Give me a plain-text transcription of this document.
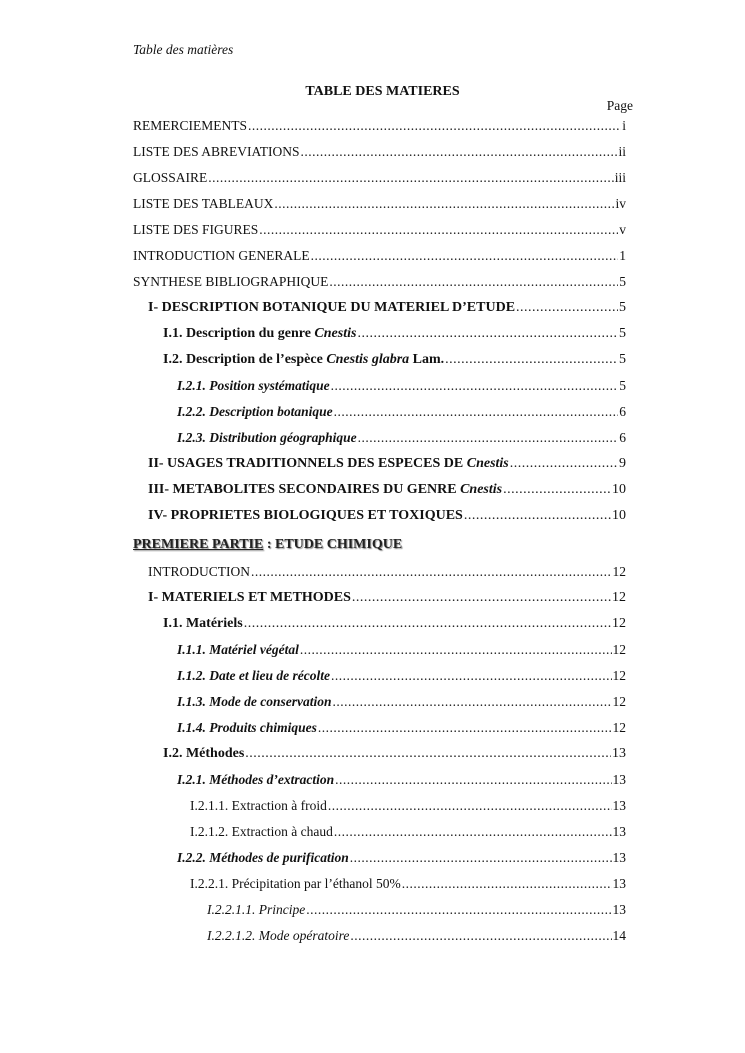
Table des matières
TABLE DES MATIERES
Page
PREMIERE PARTIE : ETUDE CHIMIQUE
REMERCIEMENTS .....	i
LISTE DES ABREVIATIONS .....	ii
GLOSSAIRE .....	iii
LISTE DES TABLEAUX .....	iv
LISTE DES FIGURES .....	v
INTRODUCTION GENERALE .....	1
SYNTHESE BIBLIOGRAPHIQUE .....	5
I- DESCRIPTION BOTANIQUE DU MATERIEL D’ETUDE .....	5
I.1. Description du genre Cnestis .....	5
I.2. Description de l’espèce Cnestis glabra Lam. .....	5
I.2.1. Position systématique .....	5
I.2.2. Description botanique .....	6
I.2.3. Distribution géographique .....	6
II- USAGES TRADITIONNELS DES ESPECES DE Cnestis .....	9
III- METABOLITES SECONDAIRES DU GENRE Cnestis .....	10
IV- PROPRIETES BIOLOGIQUES ET TOXIQUES .....	10
INTRODUCTION .....	12
I- MATERIELS ET METHODES .....	12
I.1. Matériels .....	12
I.1.1. Matériel végétal .....	12
I.1.2. Date et lieu de récolte .....	12
I.1.3. Mode de conservation .....	12
I.1.4. Produits chimiques .....	12
I.2. Méthodes .....	13
I.2.1. Méthodes d’extraction .....	13
I.2.1.1. Extraction à froid .....	13
I.2.1.2. Extraction à chaud .....	13
I.2.2. Méthodes de purification .....	13
I.2.2.1. Précipitation par l’éthanol 50% .....	13
I.2.2.1.1. Principe .....	13
I.2.2.1.2. Mode opératoire .....	14
